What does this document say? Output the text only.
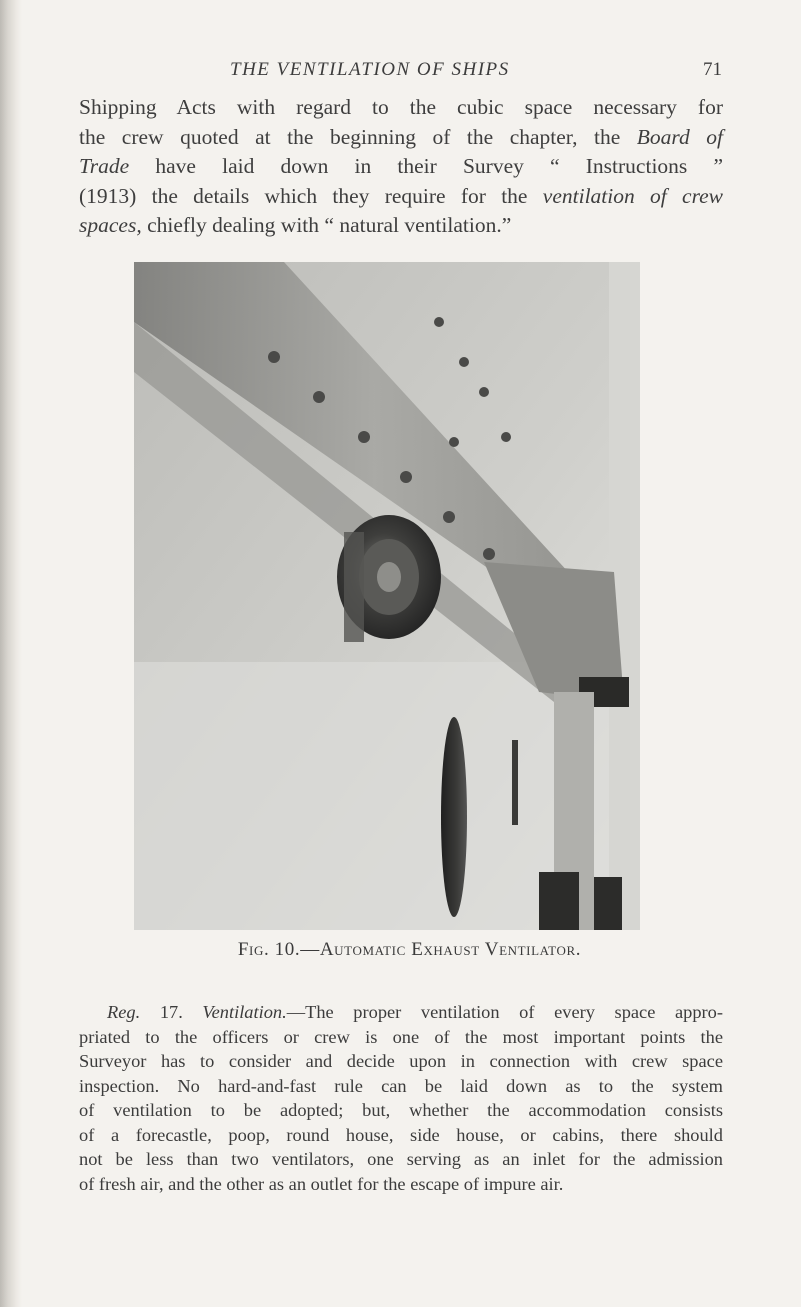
THE VENTILATION OF SHIPS	71
Shipping Acts with regard to the cubic space necessary for
the crew quoted at the beginning of the chapter, the Board of
Trade have laid down in their Survey “ Instructions ”
(1913) the details which they require for the ventilation of crew
spaces, chiefly dealing with “ natural ventilation.”
Fig. 10.—Automatic Exhaust Ventilator.
Reg. 17. Ventilation.—The proper ventilation of every space appro-
priated to the officers or crew is one of the most important points the
Surveyor has to consider and decide upon in connection with crew space
inspection. No hard-and-fast rule can be laid down as to the system
of ventilation to be adopted; but, whether the accommodation consists
of a forecastle, poop, round house, side house, or cabins, there should
not be less than two ventilators, one serving as an inlet for the admission
of fresh air, and the other as an outlet for the escape of impure air.
